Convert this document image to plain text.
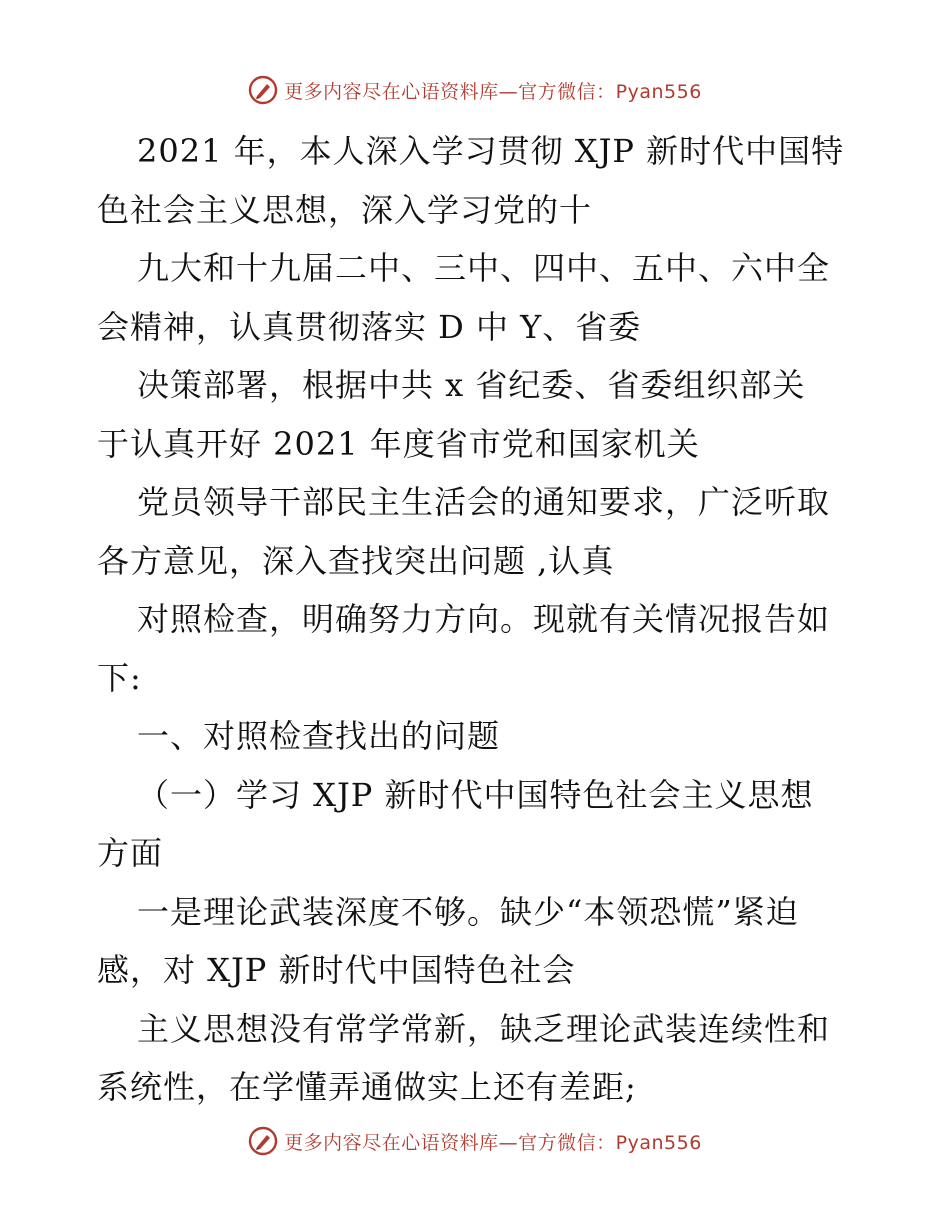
更多内容尽在心语资料库—官方微信：Pyan556
2021 年，本人深入学习贯彻 XJP 新时代中国特
色社会主义思想，深入学习党的十
九大和十九届二中、三中、四中、五中、六中全
会精神，认真贯彻落实 D 中 Y、省委
决策部署，根据中共 x 省纪委、省委组织部关
于认真开好 2021 年度省市党和国家机关
党员领导干部民主生活会的通知要求，广泛听取
各方意见，深入查找突出问题 ,认真
对照检查，明确努力方向。现就有关情况报告如
下:
一、对照检查找出的问题
（一）学习 XJP 新时代中国特色社会主义思想
方面
一是理论武装深度不够。缺少“本领恐慌”紧迫
感，对 XJP 新时代中国特色社会
主义思想没有常学常新，缺乏理论武装连续性和
系统性，在学懂弄通做实上还有差距;
更多内容尽在心语资料库—官方微信：Pyan556
